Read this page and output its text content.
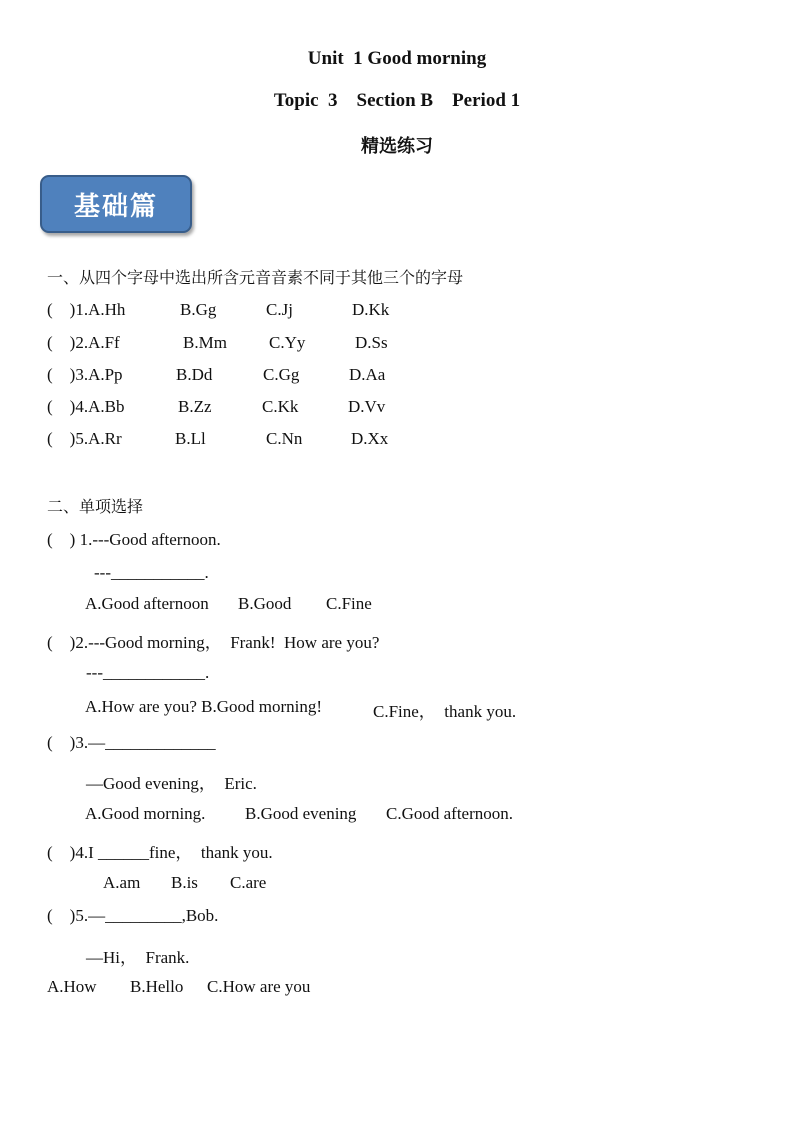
Unit  1 Good morning
Topic  3    Section B    Period 1
精选练习
基础篇
一、从四个字母中选出所含元音音素不同于其他三个的字母
(    )1.A.Hh	B.Gg	C.Jj	D.Kk
(    )2.A.Ff	B.Mm C.Yy	D.Ss
(    )3.A.Pp	B.Dd	C.Gg	D.Aa
(    )4.A.Bb	B.Zz	C.Kk	D.Vv
(    )5.A.Rr	B.Ll	C.Nn	D.Xx
二、单项选择
(    ) 1.---Good afternoon.
---___________.
A.Good afternoon B.Good C.Fine
(    )2.---Good morning，  Frank!  How are you?
---____________.
A.How are you? B.Good morning!	C.Fine，  thank you.
(    )3.—_____________
—Good evening，  Eric.
A.Good morning. B.Good evening C.Good afternoon.
(    )4.I ______fine，  thank you.
A.am B.is C.are
(    )5.—_________,Bob.
—Hi，  Frank.
A.How B.Hello C.How are you
